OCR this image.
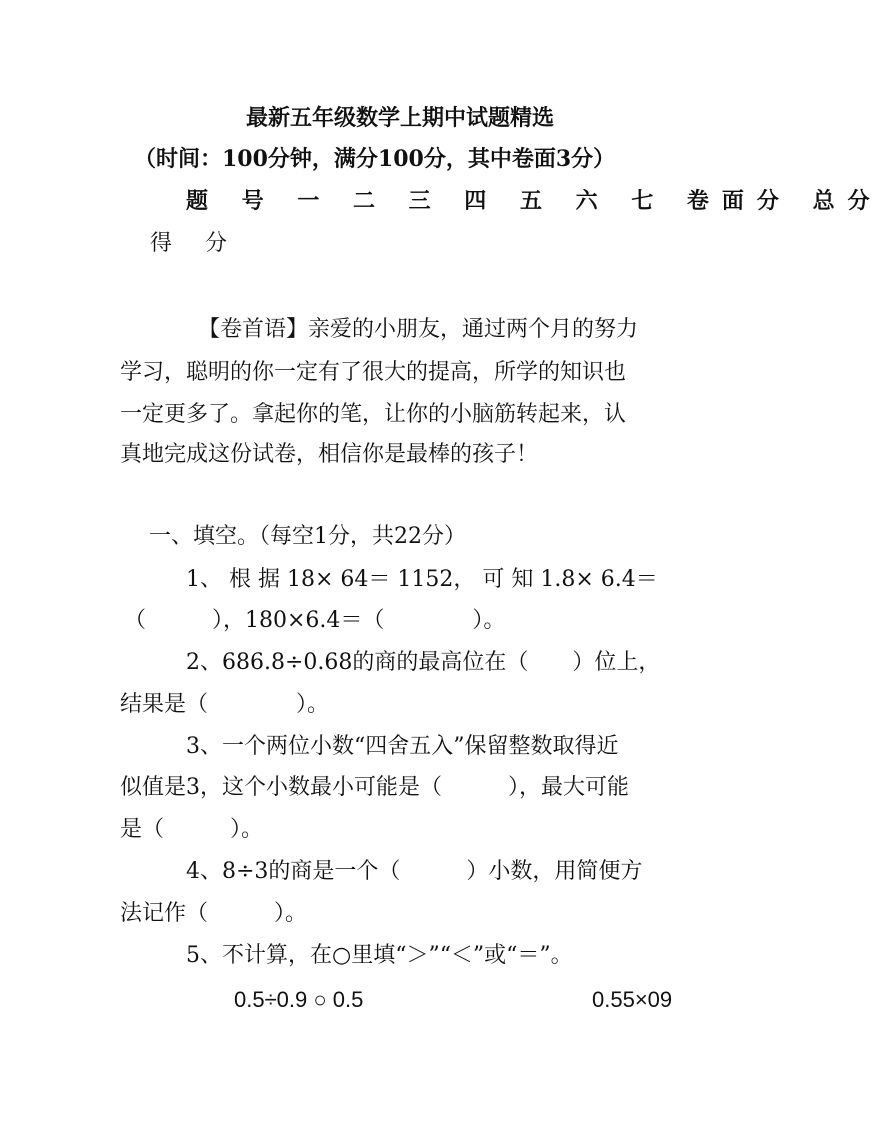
最新五年级数学上期中试题精选
（时间：100分钟，满分100分，其中卷面3分）
题 号 一 二 三 四 五 六 七 卷面分 总分
得 分
【卷首语】亲爱的小朋友，通过两个月的努力
学习，聪明的你一定有了很大的提高，所学的知识也
一定更多了。拿起你的笔，让你的小脑筋转起来，认
真地完成这份试卷，相信你是最棒的孩子！
一、填空。（每空1分，共22分）
1、 根 据 18× 64＝ 1152， 可 知 1.8× 6.4＝
（　　　），180×6.4＝（　　　　）。
2、686.8÷0.68的商的最高位在（　　）位上，
结果是（　　　　）。
3、一个两位小数“四舍五入”保留整数取得近
似值是3，这个小数最小可能是（　　　），最大可能
是（　　　）。
4、8÷3的商是一个（　　　）小数，用简便方
法记作（　　　）。
5、不计算，在○里填“＞”“＜”或“＝”。
0.5÷0.9 ○ 0.5	0.55×09
